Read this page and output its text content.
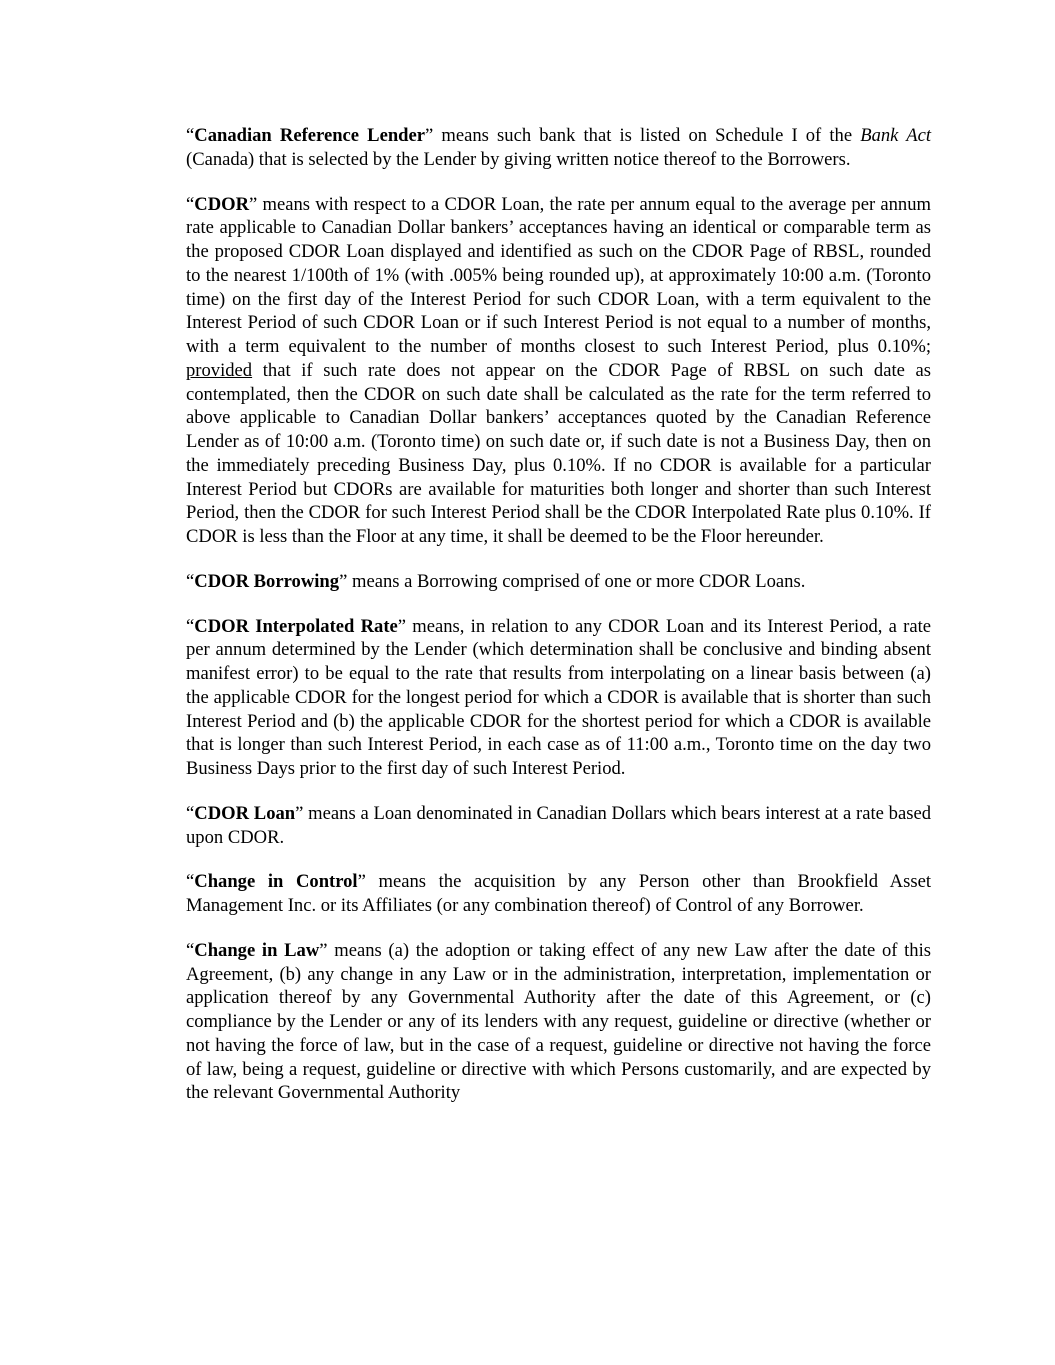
“Canadian Reference Lender” means such bank that is listed on Schedule I of the Bank Act (Canada) that is selected by the Lender by giving written notice thereof to the Borrowers.

“CDOR” means with respect to a CDOR Loan, the rate per annum equal to the average per annum rate applicable to Canadian Dollar bankers’ acceptances having an identical or comparable term as the proposed CDOR Loan displayed and identified as such on the CDOR Page of RBSL, rounded to the nearest 1/100th of 1% (with .005% being rounded up), at approximately 10:00 a.m. (Toronto time) on the first day of the Interest Period for such CDOR Loan, with a term equivalent to the Interest Period of such CDOR Loan or if such Interest Period is not equal to a number of months, with a term equivalent to the number of months closest to such Interest Period, plus 0.10%; provided that if such rate does not appear on the CDOR Page of RBSL on such date as contemplated, then the CDOR on such date shall be calculated as the rate for the term referred to above applicable to Canadian Dollar bankers’ acceptances quoted by the Canadian Reference Lender as of 10:00 a.m. (Toronto time) on such date or, if such date is not a Business Day, then on the immediately preceding Business Day, plus 0.10%. If no CDOR is available for a particular Interest Period but CDORs are available for maturities both longer and shorter than such Interest Period, then the CDOR for such Interest Period shall be the CDOR Interpolated Rate plus 0.10%. If CDOR is less than the Floor at any time, it shall be deemed to be the Floor hereunder.

“CDOR Borrowing” means a Borrowing comprised of one or more CDOR Loans.

“CDOR Interpolated Rate” means, in relation to any CDOR Loan and its Interest Period, a rate per annum determined by the Lender (which determination shall be conclusive and binding absent manifest error) to be equal to the rate that results from interpolating on a linear basis between (a) the applicable CDOR for the longest period for which a CDOR is available that is shorter than such Interest Period and (b) the applicable CDOR for the shortest period for which a CDOR is available that is longer than such Interest Period, in each case as of 11:00 a.m., Toronto time on the day two Business Days prior to the first day of such Interest Period.

“CDOR Loan” means a Loan denominated in Canadian Dollars which bears interest at a rate based upon CDOR.

“Change in Control” means the acquisition by any Person other than Brookfield Asset Management Inc. or its Affiliates (or any combination thereof) of Control of any Borrower.

“Change in Law” means (a) the adoption or taking effect of any new Law after the date of this Agreement, (b) any change in any Law or in the administration, interpretation, implementation or application thereof by any Governmental Authority after the date of this Agreement, or (c) compliance by the Lender or any of its lenders with any request, guideline or directive (whether or not having the force of law, but in the case of a request, guideline or directive not having the force of law, being a request, guideline or directive with which Persons customarily, and are expected by the relevant Governmental Authority
